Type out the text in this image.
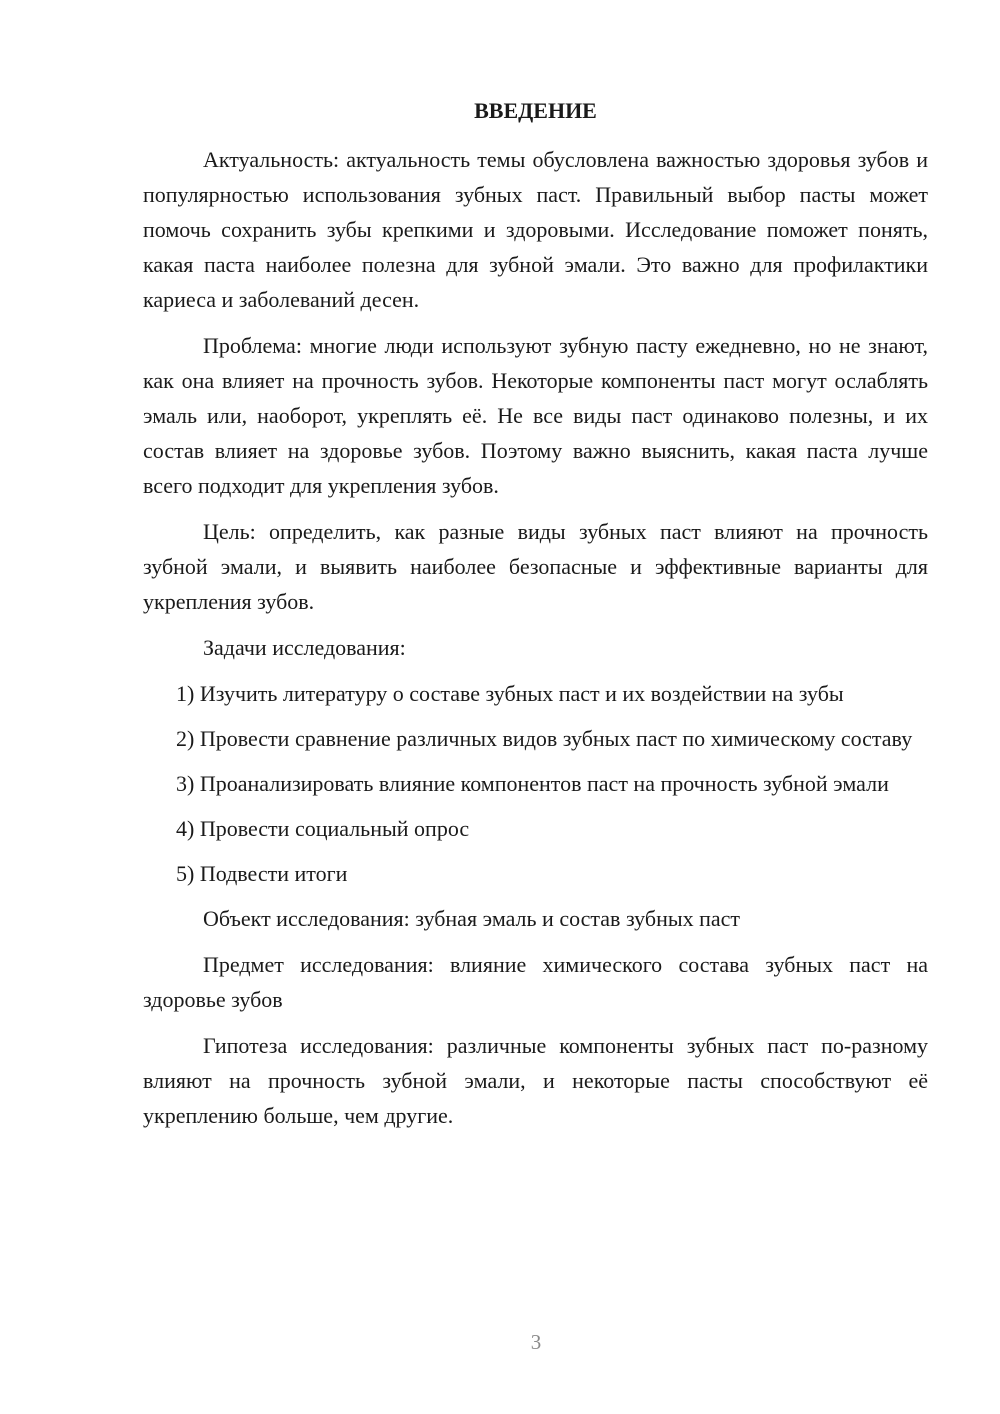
ВВЕДЕНИЕ

Актуальность: актуальность темы обусловлена важностью здоровья зубов и популярностью использования зубных паст. Правильный выбор пасты может помочь сохранить зубы крепкими и здоровыми. Исследование поможет понять, какая паста наиболее полезна для зубной эмали. Это важно для профилактики кариеса и заболеваний десен.

Проблема: многие люди используют зубную пасту ежедневно, но не знают, как она влияет на прочность зубов. Некоторые компоненты паст могут ослаблять эмаль или, наоборот, укреплять её. Не все виды паст одинаково полезны, и их состав влияет на здоровье зубов. Поэтому важно выяснить, какая паста лучше всего подходит для укрепления зубов.

Цель: определить, как разные виды зубных паст влияют на прочность зубной эмали, и выявить наиболее безопасные и эффективные варианты для укрепления зубов.

Задачи исследования:

1) Изучить литературу о составе зубных паст и их воздействии на зубы

2) Провести сравнение различных видов зубных паст по химическому составу

3) Проанализировать влияние компонентов паст на прочность зубной эмали

4) Провести социальный опрос

5) Подвести итоги

Объект исследования: зубная эмаль и состав зубных паст

Предмет исследования: влияние химического состава зубных паст на здоровье зубов

Гипотеза исследования: различные компоненты зубных паст по-разному влияют на прочность зубной эмали, и некоторые пасты способствуют её укреплению больше, чем другие.

3
